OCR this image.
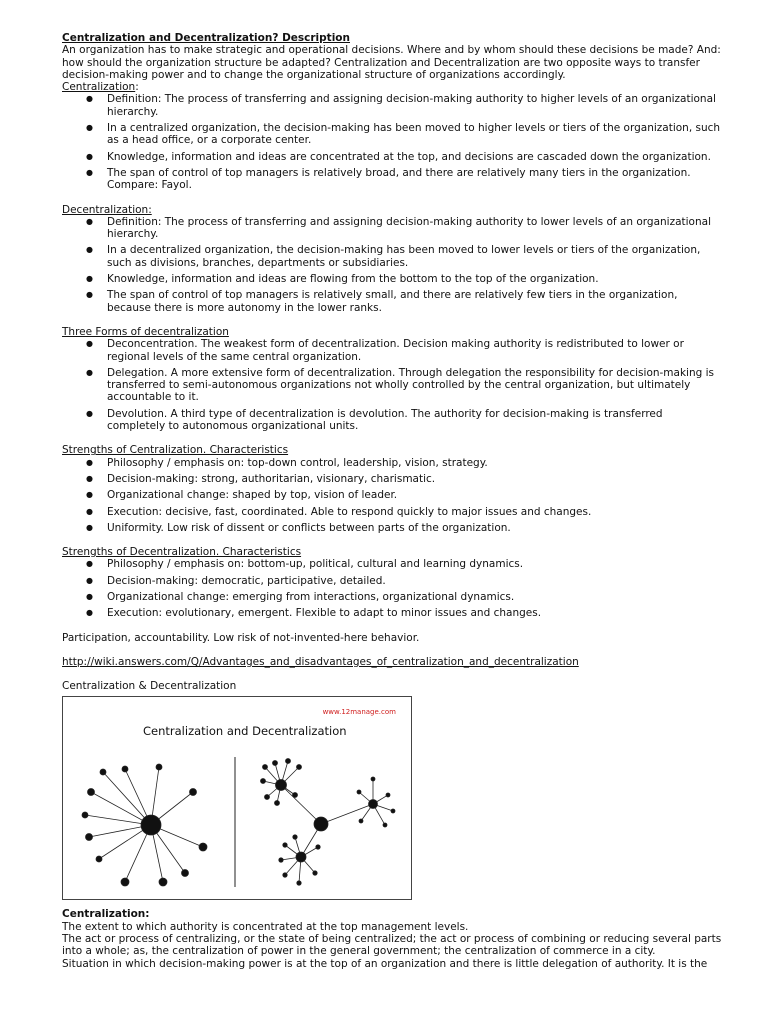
Centralization and Decentralization? Description
An organization has to make strategic and operational decisions. Where and by whom should these decisions be made? And: how should the organization structure be adapted? Centralization and Decentralization are two opposite ways to transfer decision-making power and to change the organizational structure of organizations accordingly.
Centralization:
● Definition: The process of transferring and assigning decision-making authority to higher levels of an organizational hierarchy.
● In a centralized organization, the decision-making has been moved to higher levels or tiers of the organization, such as a head office, or a corporate center.
● Knowledge, information and ideas are concentrated at the top, and decisions are cascaded down the organization.
● The span of control of top managers is relatively broad, and there are relatively many tiers in the organization. Compare: Fayol.
Decentralization:
● Definition: The process of transferring and assigning decision-making authority to lower levels of an organizational hierarchy.
● In a decentralized organization, the decision-making has been moved to lower levels or tiers of the organization, such as divisions, branches, departments or subsidiaries.
● Knowledge, information and ideas are flowing from the bottom to the top of the organization.
● The span of control of top managers is relatively small, and there are relatively few tiers in the organization, because there is more autonomy in the lower ranks.
Three Forms of decentralization
● Deconcentration. The weakest form of decentralization. Decision making authority is redistributed to lower or regional levels of the same central organization.
● Delegation. A more extensive form of decentralization. Through delegation the responsibility for decision-making is transferred to semi-autonomous organizations not wholly controlled by the central organization, but ultimately accountable to it.
● Devolution. A third type of decentralization is devolution. The authority for decision-making is transferred completely to autonomous organizational units.
Strengths of Centralization. Characteristics
● Philosophy / emphasis on: top-down control, leadership, vision, strategy.
● Decision-making: strong, authoritarian, visionary, charismatic.
● Organizational change: shaped by top, vision of leader.
● Execution: decisive, fast, coordinated. Able to respond quickly to major issues and changes.
● Uniformity. Low risk of dissent or conflicts between parts of the organization.
Strengths of Decentralization. Characteristics
● Philosophy / emphasis on: bottom-up, political, cultural and learning dynamics.
● Decision-making: democratic, participative, detailed.
● Organizational change: emerging from interactions, organizational dynamics.
● Execution: evolutionary, emergent. Flexible to adapt to minor issues and changes.
Participation, accountability. Low risk of not-invented-here behavior.
http://wiki.answers.com/Q/Advantages_and_disadvantages_of_centralization_and_decentralization
Centralization & Decentralization
www.12manage.com
Centralization and Decentralization
Centralization:
The extent to which authority is concentrated at the top management levels.
The act or process of centralizing, or the state of being centralized; the act or process of combining or reducing several parts into a whole; as, the centralization of power in the general government; the centralization of commerce in a city.
Situation in which decision-making power is at the top of an organization and there is little delegation of authority. It is the
